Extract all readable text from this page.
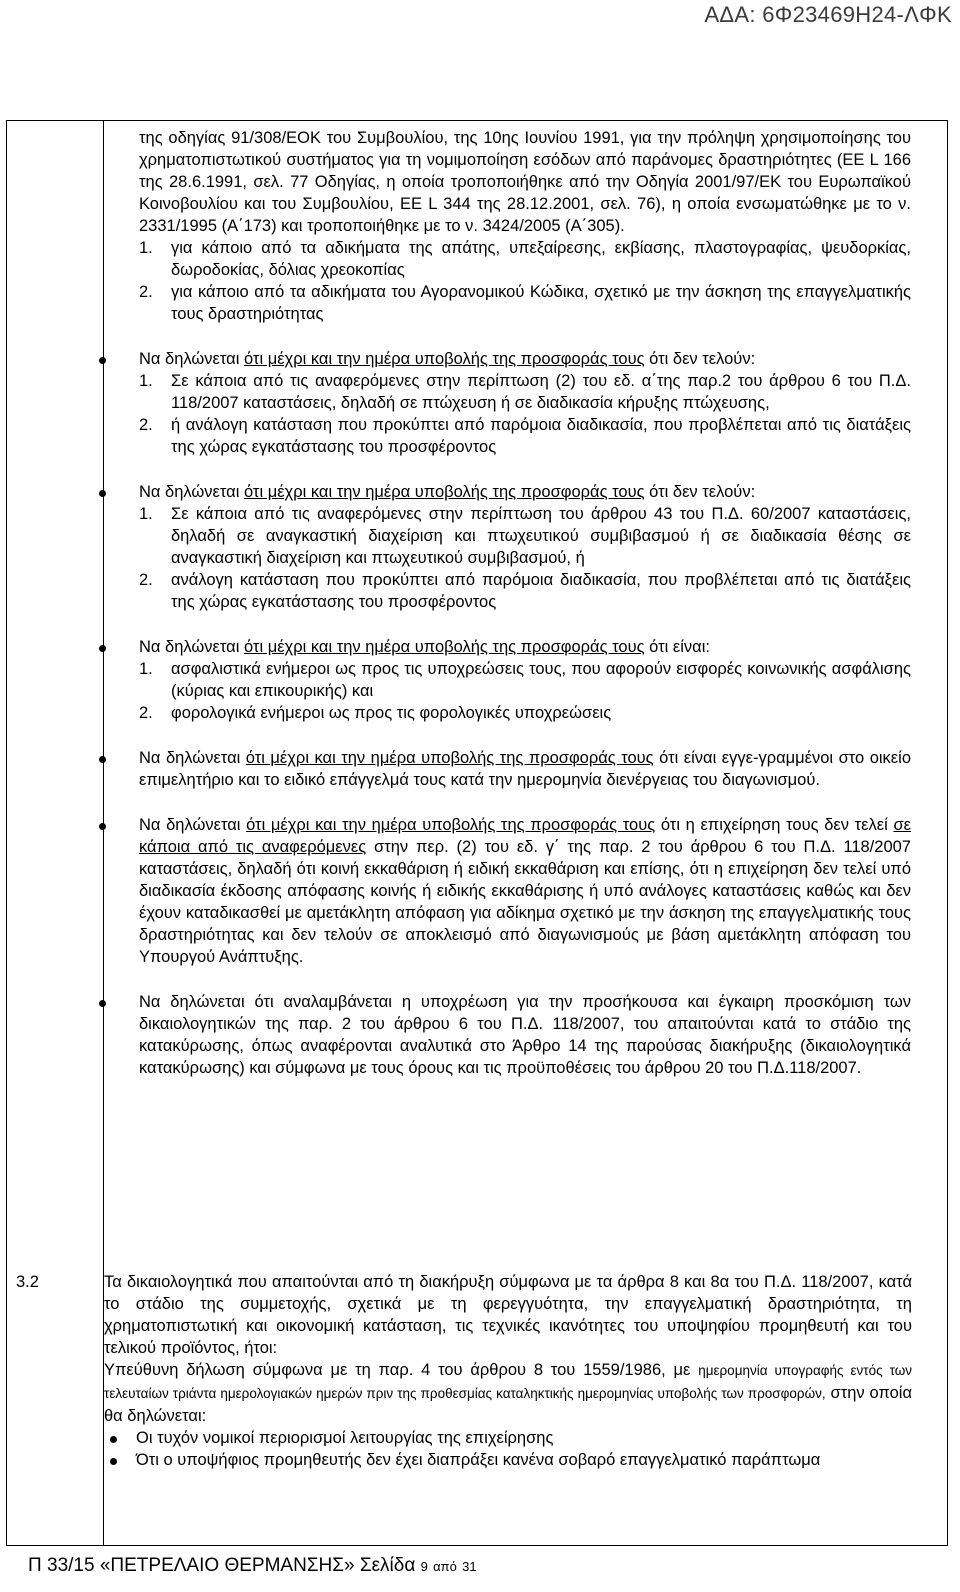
ΑΔΑ: 6Φ23469Η24-ΛΦΚ

της οδηγίας 91/308/ΕΟΚ του Συμβουλίου, της 10ης Ιουνίου 1991, για την πρόληψη χρησιμοποίησης του χρηματοπιστωτικού συστήματος για τη νομιμοποίηση εσόδων από παράνομες δραστηριότητες (ΕΕ L 166 της 28.6.1991, σελ. 77 Οδηγίας, η οποία τροποποιήθηκε από την Οδηγία 2001/97/ΕΚ του Ευρωπαϊκού Κοινοβουλίου και του Συμβουλίου, ΕΕ L 344 της 28.12.2001, σελ. 76), η οποία ενσωματώθηκε με το ν. 2331/1995 (Α΄173) και τροποποιήθηκε με το ν. 3424/2005 (Α΄305).

1.	για κάποιο από τα αδικήματα της απάτης, υπεξαίρεσης, εκβίασης, πλαστογραφίας, ψευδορκίας, δωροδοκίας, δόλιας χρεοκοπίας
2.	για κάποιο από τα αδικήματα του Αγορανομικού Κώδικα, σχετικό με την άσκηση της επαγγελματικής τους δραστηριότητας

Να δηλώνεται ότι μέχρι και την ημέρα υποβολής της προσφοράς τους ότι δεν τελούν:

1.	Σε κάποια από τις αναφερόμενες στην περίπτωση (2) του εδ. α΄της παρ.2 του άρθρου 6 του Π.Δ. 118/2007 καταστάσεις, δηλαδή σε πτώχευση ή σε διαδικασία κήρυξης πτώχευσης,
2.	ή ανάλογη κατάσταση που προκύπτει από παρόμοια διαδικασία, που προβλέπεται από τις διατάξεις της χώρας εγκατάστασης του προσφέροντος

Να δηλώνεται ότι μέχρι και την ημέρα υποβολής της προσφοράς τους ότι δεν τελούν:

1.	Σε κάποια από τις αναφερόμενες στην περίπτωση του άρθρου 43 του Π.Δ. 60/2007 καταστάσεις, δηλαδή σε αναγκαστική διαχείριση και πτωχευτικού συμβιβασμού ή σε διαδικασία θέσης σε αναγκαστική διαχείριση και πτωχευτικού συμβιβασμού, ή
2.	ανάλογη κατάσταση που προκύπτει από παρόμοια διαδικασία, που προβλέπεται από τις διατάξεις της χώρας εγκατάστασης του προσφέροντος

Να δηλώνεται ότι μέχρι και την ημέρα υποβολής της προσφοράς τους ότι είναι:

1.	ασφαλιστικά ενήμεροι ως προς τις υποχρεώσεις τους, που αφορούν εισφορές κοινωνικής ασφάλισης (κύριας και επικουρικής) και
2.	φορολογικά ενήμεροι ως προς τις φορολογικές υποχρεώσεις

Να δηλώνεται ότι μέχρι και την ημέρα υποβολής της προσφοράς τους ότι είναι εγγε-γραμμένοι στο οικείο επιμελητήριο και το ειδικό επάγγελμά τους κατά την ημερομηνία διενέργειας του διαγωνισμού.

Να δηλώνεται ότι μέχρι και την ημέρα υποβολής της προσφοράς τους ότι η επιχείρηση τους δεν τελεί σε κάποια από τις αναφερόμενες στην περ. (2) του εδ. γ΄ της παρ. 2 του άρθρου 6 του Π.Δ. 118/2007 καταστάσεις, δηλαδή ότι κοινή εκκαθάριση ή ειδική εκκαθάριση και επίσης, ότι η επιχείρηση δεν τελεί υπό διαδικασία έκδοσης απόφασης κοινής ή ειδικής εκκαθάρισης ή υπό ανάλογες καταστάσεις καθώς και δεν έχουν καταδικασθεί με αμετάκλητη απόφαση για αδίκημα σχετικό με την άσκηση της επαγγελματικής τους δραστηριότητας και δεν τελούν σε αποκλεισμό από διαγωνισμούς με βάση αμετάκλητη απόφαση του Υπουργού Ανάπτυξης.

Να δηλώνεται ότι αναλαμβάνεται η υποχρέωση για την προσήκουσα και έγκαιρη προσκόμιση των δικαιολογητικών της παρ. 2 του άρθρου 6 του Π.Δ. 118/2007, του απαιτούνται κατά το στάδιο της κατακύρωσης, όπως αναφέρονται αναλυτικά στο Άρθρο 14 της παρούσας διακήρυξης (δικαιολογητικά κατακύρωσης) και σύμφωνα με τους όρους και τις προϋποθέσεις του άρθρου 20 του Π.Δ.118/2007.

3.2	Τα δικαιολογητικά που απαιτούνται από τη διακήρυξη σύμφωνα με τα άρθρα 8 και 8α του Π.Δ. 118/2007, κατά το στάδιο της συμμετοχής, σχετικά με τη φερεγγυότητα, την επαγγελματική δραστηριότητα, τη χρηματοπιστωτική και οικονομική κατάσταση, τις τεχνικές ικανότητες του υποψηφίου προμηθευτή και του τελικού προϊόντος, ήτοι:

Υπεύθυνη δήλωση σύμφωνα με τη παρ. 4 του άρθρου 8 του 1559/1986, με ημερομηνία υπογραφής εντός των τελευταίων τριάντα ημερολογιακών ημερών πριν της προθεσμίας καταληκτικής ημερομηνίας υποβολής των προσφορών, στην οποία θα δηλώνεται:

Οι τυχόν νομικοί περιορισμοί λειτουργίας της επιχείρησης
Ότι ο υποψήφιος προμηθευτής δεν έχει διαπράξει κανένα σοβαρό επαγγελματικό παράπτωμα
Π 33/15 «ΠΕΤΡΕΛΑΙΟ ΘΕΡΜΑΝΣΗΣ» Σελίδα 9 από 31
